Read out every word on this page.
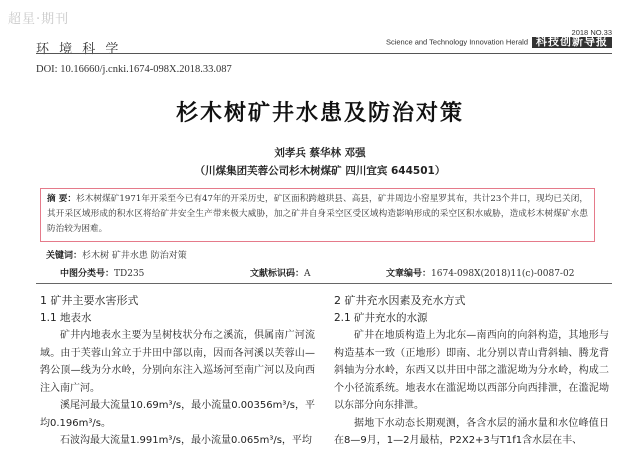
超星·期刊
环 境 科 学
2018 NO.33
Science and Technology Innovation Herald 科技创新导报
DOI: 10.16660/j.cnki.1674-098X.2018.33.087
杉木树矿井水患及防治对策
刘孝兵 蔡华林 邓强
（川煤集团芙蓉公司杉木树煤矿 四川宜宾 644501）
摘 要：杉木树煤矿1971年开采至今已有47年的开采历史，矿区面积跨越珙县、高县，矿井周边小窑星罗其布，共计23个井口，现均已关闭，其开采区域形成的积水区将给矿井安全生产带来极大威胁，加之矿井自身采空区受区域构造影响形成的采空区积水威胁，造成杉木树煤矿水患防治较为困难。
关键词：杉木树 矿井水患 防治对策
中图分类号：TD235	文献标识码：A	文章编号：1674-098X(2018)11(c)-0087-02
1 矿井主要水害形式
1.1 地表水

矿井内地表水主要为呈树枝状分布之溪流，俱属南广河流域。由于芙蓉山耸立于井田中部以南，因而各河溪以芙蓉山—鹁公顶—线为分水岭，分别向东注入巡场河至南广河以及向西注入南广河。

溪尾河最大流量10.69m³/s，最小流量0.00356m³/s，平均0.196m³/s。

石波沟最大流量1.991m³/s，最小流量0.065m³/s，平均

2 矿井充水因素及充水方式
2.1 矿井充水的水源

矿井在地质构造上为北东—南西向的向斜构造，其地形与构造基本一致（正地形）即南、北分别以青山背斜轴、腾龙背斜轴为分水岭，东西又以井田中部之滥泥坳为分水岭，构成二个小径流系统。地表水在滥泥坳以西部分向西排泄，在滥泥坳以东部分向东排泄。

据地下水动态长期观测，各含水层的涌水量和水位峰值日在8—9月，1—2月最枯，P2X2+3与T1f1含水层在丰、
